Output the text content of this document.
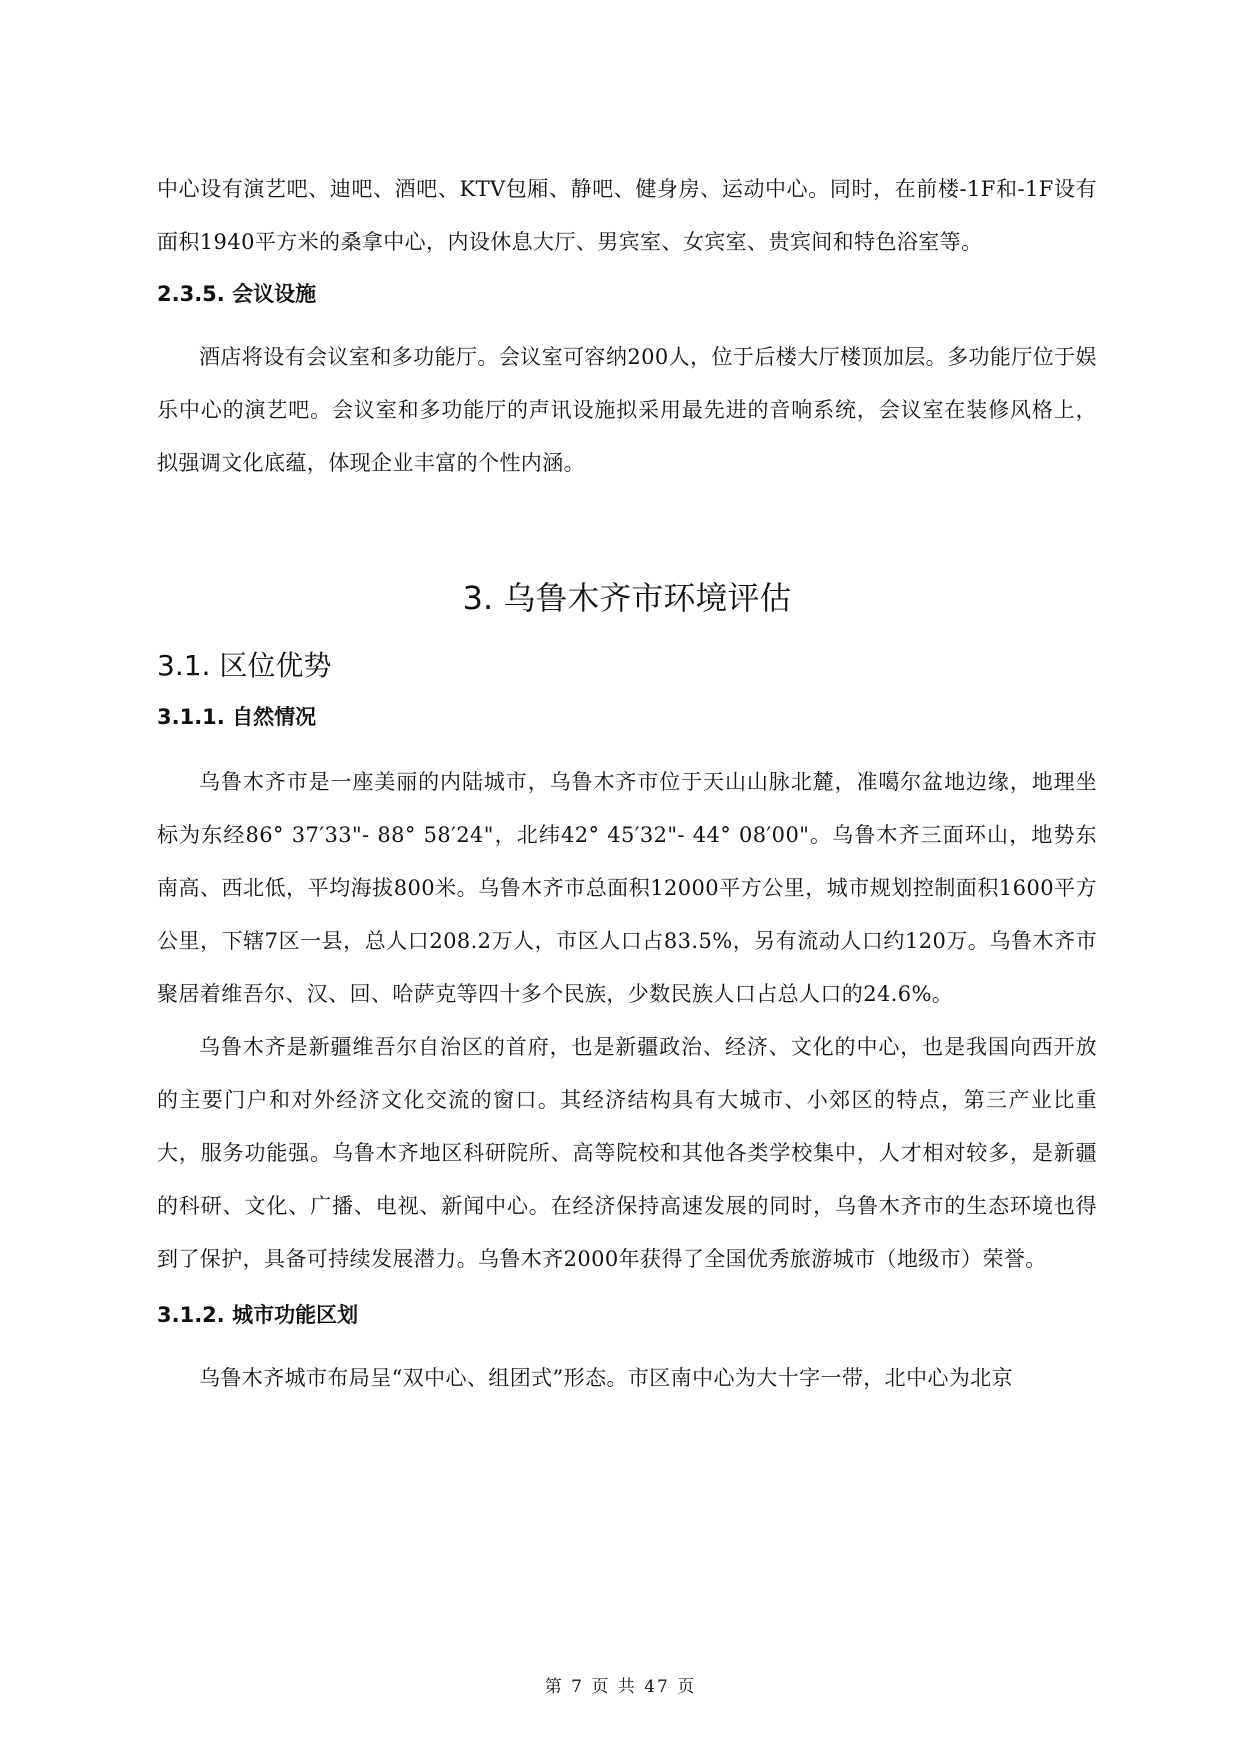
中心设有演艺吧、迪吧、酒吧、KTV包厢、静吧、健身房、运动中心。同时，在前楼-1F和-1F设有面积1940平方米的桑拿中心，内设休息大厅、男宾室、女宾室、贵宾间和特色浴室等。

2.3.5. 会议设施

酒店将设有会议室和多功能厅。会议室可容纳200人，位于后楼大厅楼顶加层。多功能厅位于娱乐中心的演艺吧。会议室和多功能厅的声讯设施拟采用最先进的音响系统，会议室在装修风格上，拟强调文化底蕴，体现企业丰富的个性内涵。

3. 乌鲁木齐市环境评估

3.1. 区位优势

3.1.1. 自然情况

乌鲁木齐市是一座美丽的内陆城市，乌鲁木齐市位于天山山脉北麓，准噶尔盆地边缘，地理坐标为东经86° 37′33"- 88° 58′24"，北纬42° 45′32"- 44° 08′00"。乌鲁木齐三面环山，地势东南高、西北低，平均海拔800米。乌鲁木齐市总面积12000平方公里，城市规划控制面积1600平方公里，下辖7区一县，总人口208.2万人，市区人口占83.5%，另有流动人口约120万。乌鲁木齐市聚居着维吾尔、汉、回、哈萨克等四十多个民族，少数民族人口占总人口的24.6%。

乌鲁木齐是新疆维吾尔自治区的首府，也是新疆政治、经济、文化的中心，也是我国向西开放的主要门户和对外经济文化交流的窗口。其经济结构具有大城市、小郊区的特点，第三产业比重大，服务功能强。乌鲁木齐地区科研院所、高等院校和其他各类学校集中，人才相对较多，是新疆的科研、文化、广播、电视、新闻中心。在经济保持高速发展的同时，乌鲁木齐市的生态环境也得到了保护，具备可持续发展潜力。乌鲁木齐2000年获得了全国优秀旅游城市（地级市）荣誉。

3.1.2. 城市功能区划

乌鲁木齐城市布局呈“双中心、组团式”形态。市区南中心为大十字一带，北中心为北京

第 7 页 共 47 页
